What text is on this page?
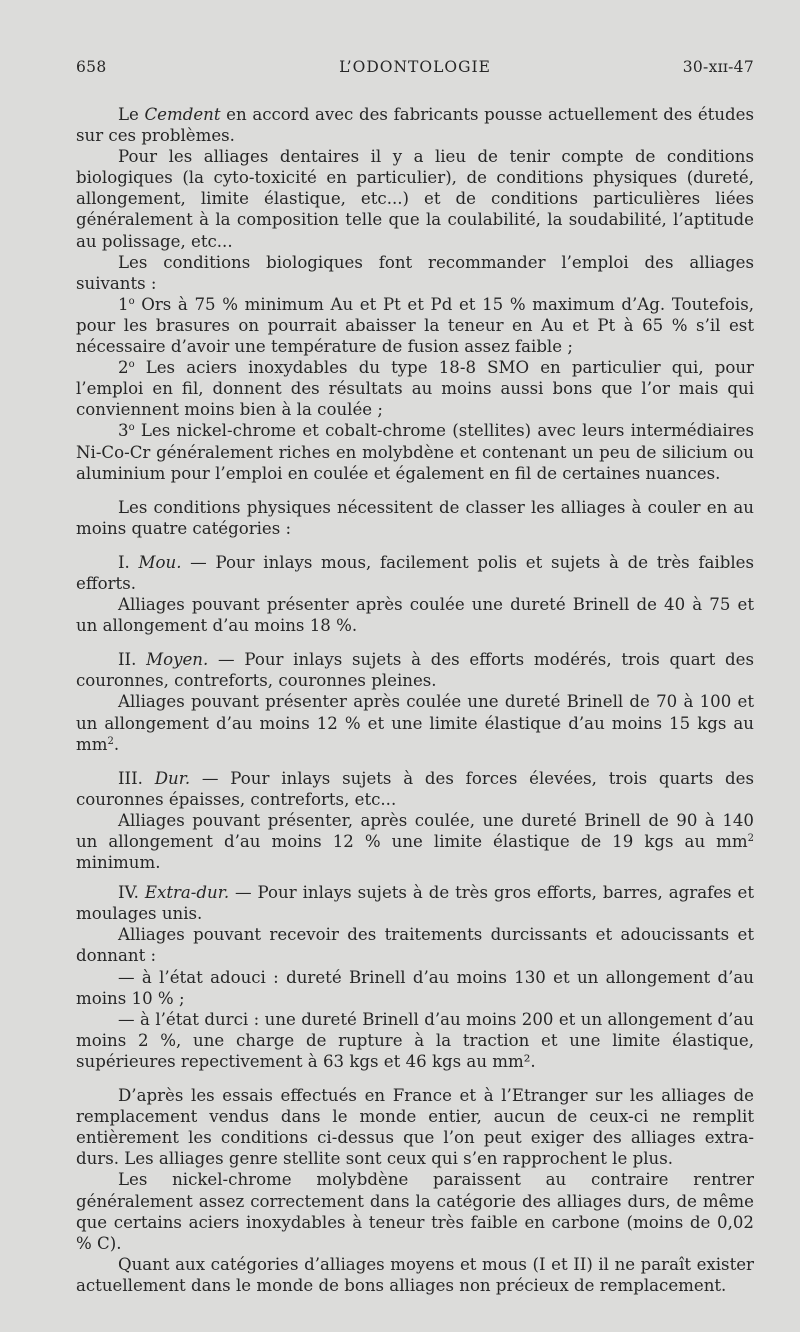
658	L’ODONTOLOGIE	30-xɪɪ-47

Le Cemdent en accord avec des fabricants pousse actuellement des études sur ces problèmes.

Pour les alliages dentaires il y a lieu de tenir compte de conditions biologiques (la cyto-toxicité en particulier), de conditions physiques (dureté, allongement, limite élastique, etc...) et de conditions particulières liées généralement à la composition telle que la coulabilité, la soudabilité, l’aptitude au polissage, etc...

Les conditions biologiques font recommander l’emploi des alliages suivants :

1$^o$ Ors à 75 % minimum Au et Pt et Pd et 15 % maximum d’Ag. Toutefois, pour les brasures on pourrait abaisser la teneur en Au et Pt à 65 % s’il est nécessaire d’avoir une température de fusion assez faible ;

2$^o$ Les aciers inoxydables du type 18-8 SMO en particulier qui, pour l’emploi en fil, donnent des résultats au moins aussi bons que l’or mais qui conviennent moins bien à la coulée ;

3$^o$ Les nickel-chrome et cobalt-chrome (stellites) avec leurs intermédiaires Ni-Co-Cr généralement riches en molybdène et contenant un peu de silicium ou aluminium pour l’emploi en coulée et également en fil de certaines nuances.

Les conditions physiques nécessitent de classer les alliages à couler en au moins quatre catégories :

I. Mou. — Pour inlays mous, facilement polis et sujets à de très faibles efforts.

Alliages pouvant présenter après coulée une dureté Brinell de 40 à 75 et un allongement d’au moins 18 %.

II. Moyen. — Pour inlays sujets à des efforts modérés, trois quart des couronnes, contreforts, couronnes pleines.

Alliages pouvant présenter après coulée une dureté Brinell de 70 à 100 et un allongement d’au moins 12 % et une limite élastique d’au moins 15 kgs au $mm^2$.

III. Dur. — Pour inlays sujets à des forces élevées, trois quarts des couronnes épaisses, contreforts, etc...

Alliages pouvant présenter, après coulée, une dureté Brinell de 90 à 140 un allongement d’au moins 12 % une limite élastique de 19 kgs au $mm^2$ minimum.

IV. Extra-dur. — Pour inlays sujets à de très gros efforts, barres, agrafes et moulages unis.

Alliages pouvant recevoir des traitements durcissants et adoucissants et donnant :

— à l’état adouci : dureté Brinell d’au moins 130 et un allongement d’au moins 10 % ;

— à l’état durci : une dureté Brinell d’au moins 200 et un allongement d’au moins 2 %, une charge de rupture à la traction et une limite élastique, supérieures repectivement à 63 kgs et 46 kgs au mm².

D’après les essais effectués en France et à l’Etranger sur les alliages de remplacement vendus dans le monde entier, aucun de ceux-ci ne remplit entièrement les conditions ci-dessus que l’on peut exiger des alliages extra-durs. Les alliages genre stellite sont ceux qui s’en rapprochent le plus.

Les nickel-chrome molybdène paraissent au contraire rentrer généralement assez correctement dans la catégorie des alliages durs, de même que certains aciers inoxydables à teneur très faible en carbone (moins de 0,02 % C).

Quant aux catégories d’alliages moyens et mous (I et II) il ne paraît exister actuellement dans le monde de bons alliages non précieux de remplacement.
